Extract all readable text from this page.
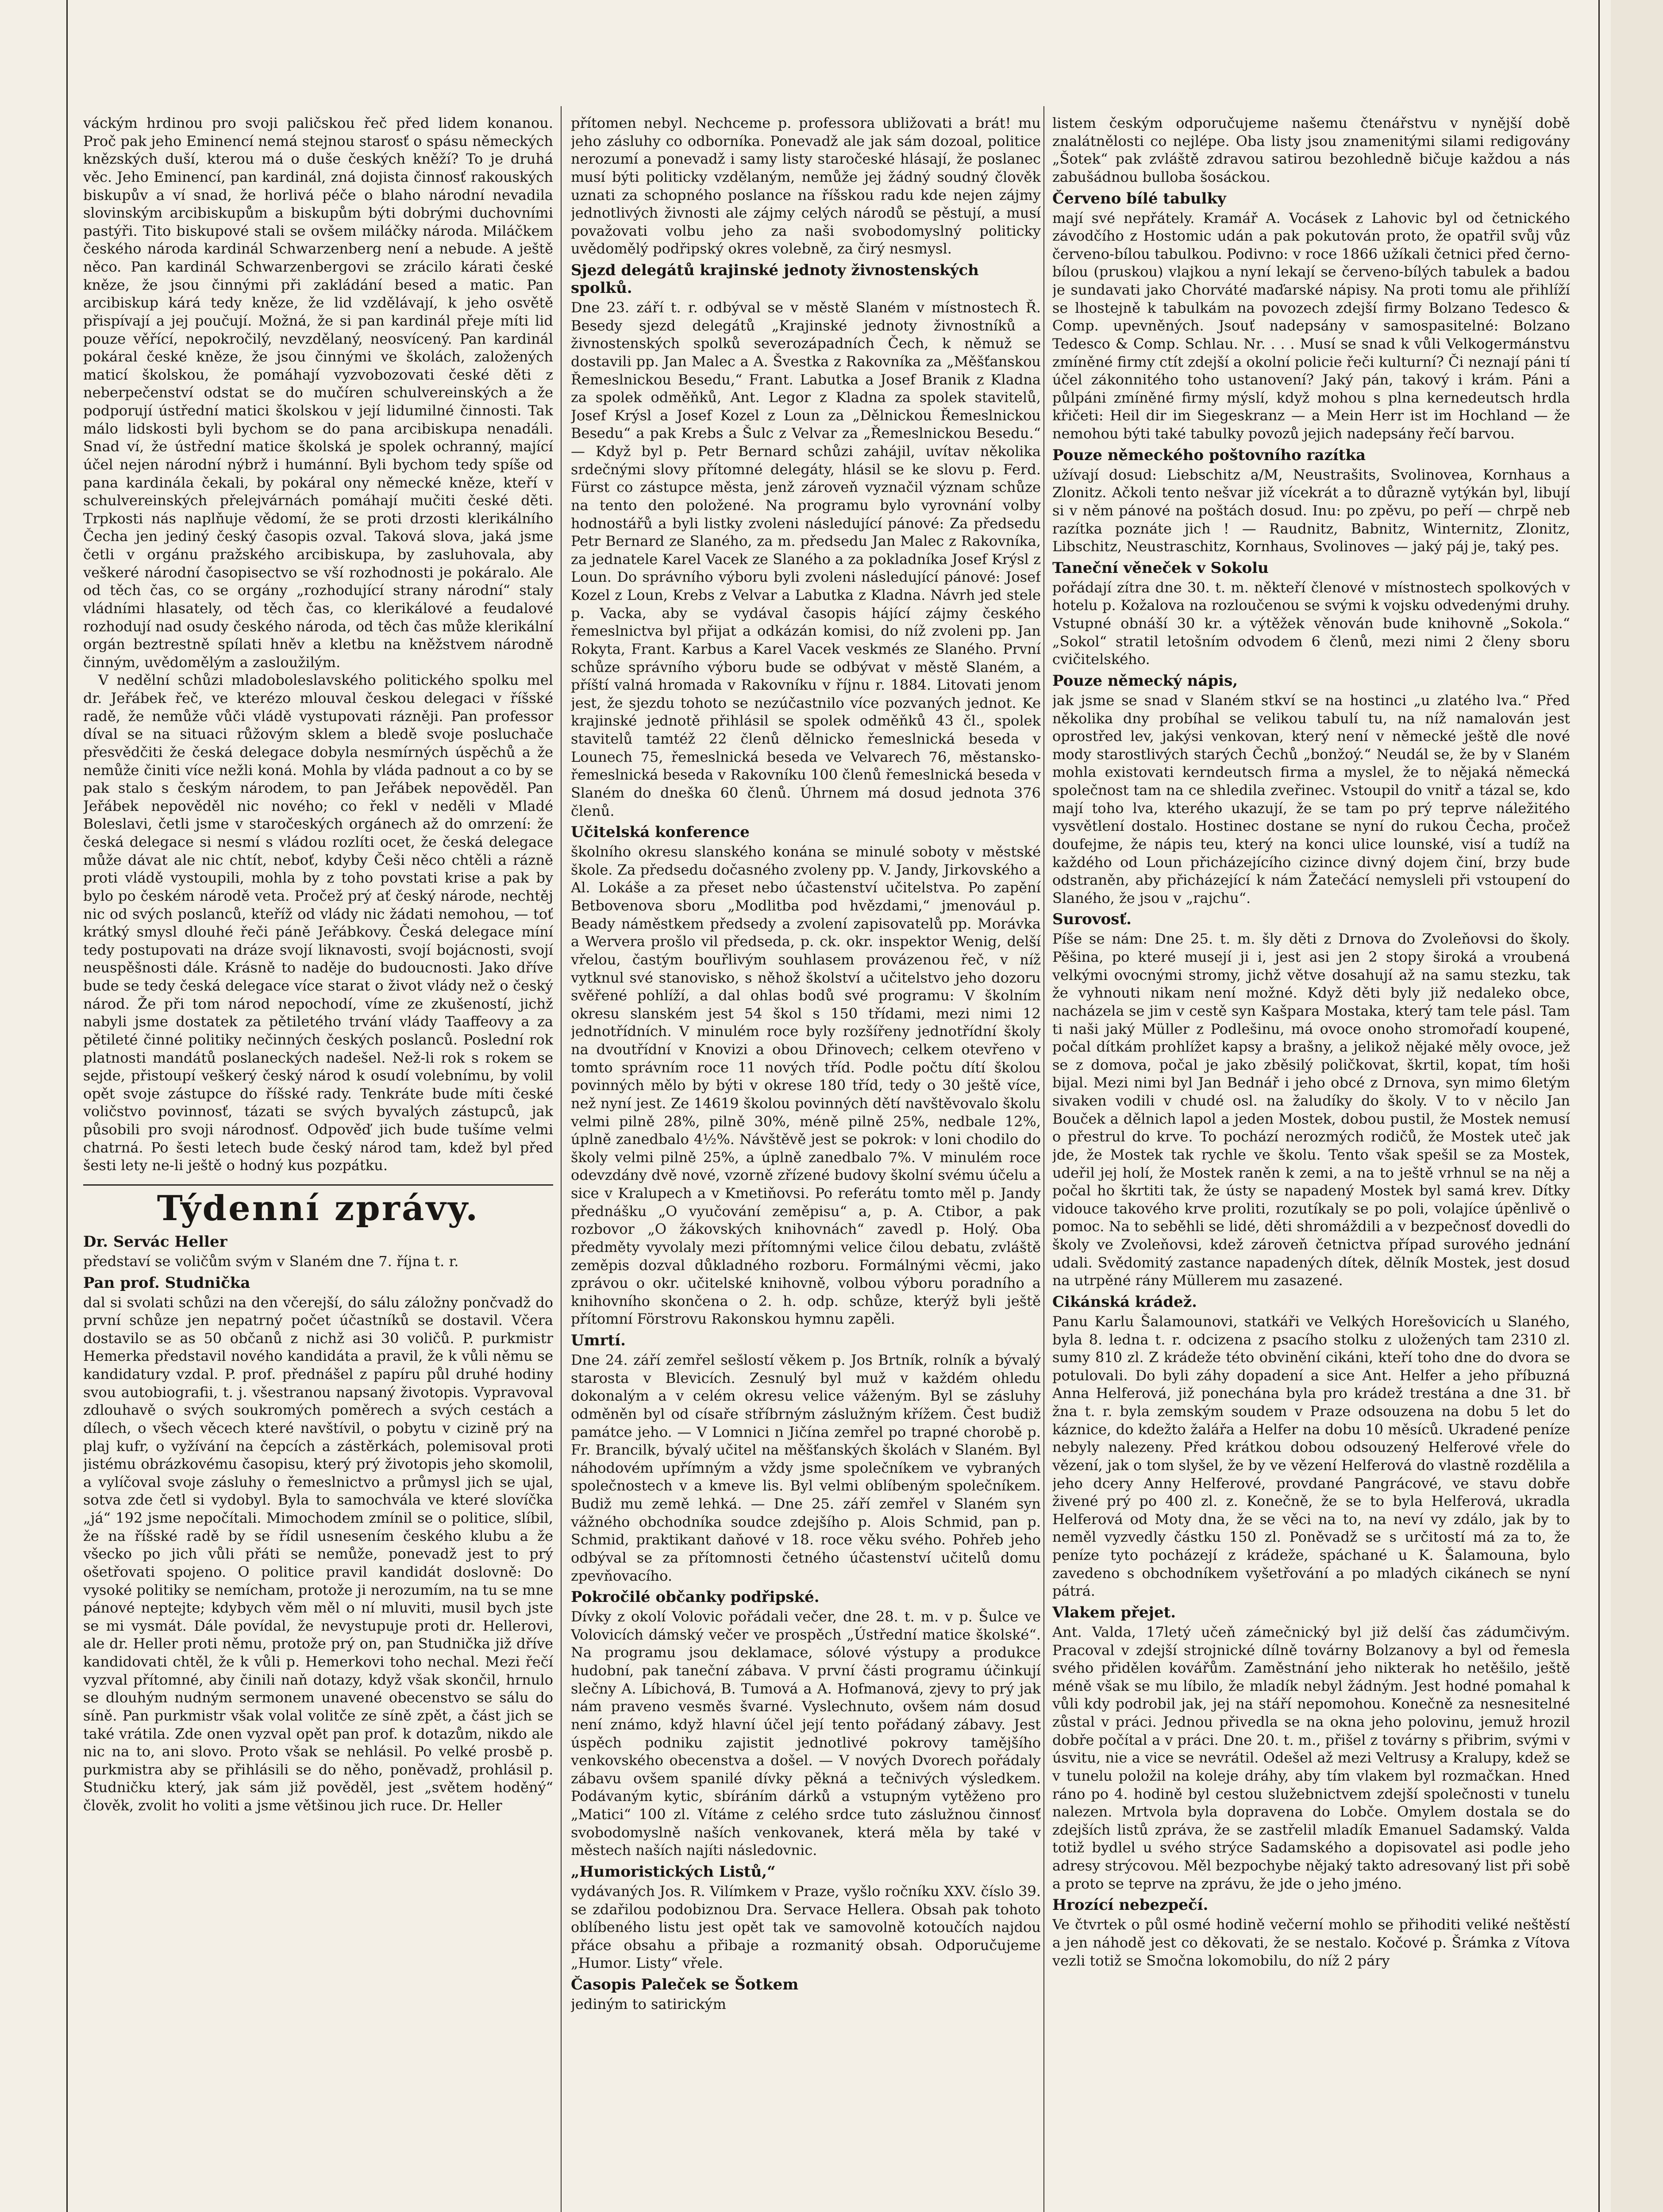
váckým hrdinou pro svoji paličskou řeč před lidem konanou. Proč pak jeho Eminencí nemá stejnou starosť o spásu německých knězských duší, kterou má o duše českých kněží? To je druhá věc. Jeho Eminencí, pan kardinál, zná dojista činnosť rakouských biskupův a ví snad, že horlivá péče o blaho národní nevadila slovinským arcibiskupům a biskupům býti dobrými duchovními pastýři. Tito biskupové stali se ovšem miláčky národa. Miláčkem českého národa kardinál Schwarzenberg není a nebude. A ještě něco. Pan kardinál Schwarzenbergovi se zrácilo kárati české kněze, že jsou činnými při zakládání besed a matic. Pan arcibiskup kárá tedy kněze, že lid vzdělávají, k jeho osvětě přispívají a jej poučují. Možná, že si pan kardinál přeje míti lid pouze věřící, nepokročilý, nevzdělaný, neosvícený. Pan kardinál pokáral české kněze, že jsou činnými ve školách, založených maticí školskou, že pomáhají vyzvobozovati české děti z neberpečenství odstat se do mučíren schulvereinských a že podporují ústřední matici školskou v její lidumilné činnosti. Tak málo lidskosti byli bychom se do pana arcibiskupa nenadáli. Snad ví, že ústřední matice školská je spolek ochranný, mající účel nejen národní nýbrž i humánní. Byli bychom tedy spíše od pana kardinála čekali, by pokáral ony německé kněze, kteří v schulvereinských přelejvárnách pomáhají mučiti české děti. Trpkosti nás naplňuje vědomí, že se proti drzosti klerikálního Čecha jen jediný český časopis ozval. Taková slova, jaká jsme četli v orgánu pražského arcibiskupa, by zasluhovala, aby veškeré národní časopisectvo se vší rozhodnosti je pokáralo. Ale od těch čas, co se orgány „rozhodující strany národní“ staly vládními hlasately, od těch čas, co klerikálové a feudalové rozhodují nad osudy českého národa, od těch čas může klerikální orgán beztrestně spílati hněv a kletbu na kněžstvem národně činným, uvědomělým a zasloužilým.

V nedělní schůzi mladoboleslavského politického spolku mel dr. Jeřábek řeč, ve kterézo mlouval českou delegaci v říšské radě, že nemůže vůči vládě vystupovati rázněji. Pan professor díval se na situaci růžovým sklem a bledě svoje posluchače přesvědčiti že česká delegace dobyla nesmírných úspěchů a že nemůže činiti více nežli koná. Mohla by vláda padnout a co by se pak stalo s českým národem, to pan Jeřábek nepověděl. Pan Jeřábek nepověděl nic nového; co řekl v neděli v Mladé Boleslavi, četli jsme v staročeských orgánech až do omrzení: že česká delegace si nesmí s vládou rozlíti ocet, že česká delegace může dávat ale nic chtít, neboť, kdyby Češi něco chtěli a rázně proti vládě vystoupili, mohla by z toho povstati krise a pak by bylo po českém národě veta. Pročež prý ať český národe, nechtěj nic od svých poslanců, kteříž od vlády nic žádati nemohou, — toť krátký smysl dlouhé řeči páně Jeřábkovy. Česká delegace míní tedy postupovati na dráze svojí liknavosti, svojí bojácnosti, svojí neuspěšnosti dále. Krásně to naděje do budoucnosti. Jako dříve bude se tedy česká delegace více starat o život vlády než o český národ. Že při tom národ nepochodí, víme ze zkušeností, jichž nabyli jsme dostatek za pětiletého trvání vlády Taaffeovy a za pětileté činné politiky nečinných českých poslanců. Poslední rok platnosti mandátů poslaneckých nadešel. Než-li rok s rokem se sejde, přistoupí veškerý český národ k osudí volebnímu, by volil opět svoje zástupce do říšské rady. Tenkráte bude míti české voličstvo povinnosť, tázati se svých byvalých zástupců, jak působili pro svoji národnosť. Odpověď jich bude tušíme velmi chatrná. Po šesti letech bude český národ tam, kdež byl před šesti lety ne-li ještě o hodný kus pozpátku.

Týdenní zprávy.
Dr. Servác Heller

představí se voličům svým v Slaném dne 7. října t. r.

Pan prof. Studnička

dal si svolati schůzi na den včerejší, do sálu záložny pončvadž do první schůze jen nepatrný počet účastníků se dostavil. Včera dostavilo se as 50 občanů z nichž asi 30 voličů. P. purkmistr Hemerka představil nového kandidáta a pravil, že k vůli němu se kandidatury vzdal. P. prof. přednášel z papíru půl druhé hodiny svou autobiografii, t. j. všestranou napsaný životopis. Vypravoval zdlouhavě o svých soukromých poměrech a svých cestách a dílech, o všech věcech které navštívil, o pobytu v cizině prý na plaj kufr, o vyžívání na čepcích a zástěrkách, polemisoval proti jistému obrázkovému časopisu, který prý životopis jeho skomolil, a vylíčoval svoje zásluhy o řemeslnictvo a průmysl jich se ujal, sotva zde četl si vydobyl. Byla to samochvála ve které slovíčka „já“ 192 jsme nepočítali. Mimochodem zmínil se o politice, slíbil, že na říšské radě by se řídil usnesením českého klubu a že všecko po jich vůli přáti se nemůže, ponevadž jest to prý ošetřovati spojeno. O politice pravil kandidát doslovně: Do vysoké politiky se nemícham, protože ji nerozumím, na tu se mne pánové neptejte; kdybych věm měl o ní mluviti, musil bych jste se mi vysmát. Dále povídal, že nevystupuje proti dr. Hellerovi, ale dr. Heller proti němu, protože prý on, pan Studnička již dříve kandidovati chtěl, že k vůli p. Hemerkovi toho nechal. Mezi řečí vyzval přítomné, aby činili naň dotazy, když však skončil, hrnulo se dlouhým nudným sermonem unavené obecenstvo se sálu do síně. Pan purkmistr však volal volitče ze síně zpět, a část jich se také vrátila. Zde onen vyzval opět pan prof. k dotazům, nikdo ale nic na to, ani slovo. Proto však se nehlásil. Po velké prosbě p. purkmistra aby se přihlásili se do něho, poněvadž, prohlásil p. Studničku který, jak sám již pověděl, jest „světem hoděný“ člověk, zvolit ho voliti a jsme většinou jich ruce. Dr. Heller

přítomen nebyl. Nechceme p. professora ubližovati a brát! mu jeho zásluhy co odborníka. Ponevadž ale jak sám dozoal, politice nerozumí a ponevadž i samy listy staročeské hlásají, že poslanec musí býti politicky vzdělaným, nemůže jej žádný soudný člověk uznati za schopného poslance na říšskou radu kde nejen zájmy jednotlivých živnosti ale zájmy celých národů se pěstují, a musí považovati volbu jeho za naši svobodomyslný politicky uvědomělý podřipský okres volebně, za čirý nesmysl.

Sjezd delegátů krajinské jednoty živnostenských spolků.

Dne 23. září t. r. odbýval se v městě Slaném v místnostech Ř. Besedy sjezd delegátů „Krajinské jednoty živnostníků a živnostenských spolků severozápadních Čech, k němuž se dostavili pp. Jan Malec a A. Švestka z Rakovníka za „Měšťanskou Řemeslnickou Besedu,“ Frant. Labutka a Josef Branik z Kladna za spolek odměňků, Ant. Legor z Kladna za spolek stavitelů, Josef Krýsl a Josef Kozel z Loun za „Dělnickou Řemeslnickou Besedu“ a pak Krebs a Šulc z Velvar za „Řemeslnickou Besedu.“ — Když byl p. Petr Bernard schůzi zahájil, uvítav několika srdečnými slovy přítomné delegáty, hlásil se ke slovu p. Ferd. Fürst co zástupce města, jenž zároveň vyznačil význam schůze na tento den položené. Na programu bylo vyrovnání volby hodnostářů a byli listky zvoleni následující pánové: Za předsedu Petr Bernard ze Slaného, za m. předsedu Jan Malec z Rakovníka, za jednatele Karel Vacek ze Slaného a za pokladníka Josef Krýsl z Loun. Do správního výboru byli zvoleni následující pánové: Josef Kozel z Loun, Krebs z Velvar a Labutka z Kladna. Návrh jed stele p. Vacka, aby se vydával časopis hájící zájmy českého řemeslnictva byl přijat a odkázán komisi, do níž zvoleni pp. Jan Rokyta, Frant. Karbus a Karel Vacek veskmés ze Slaného. První schůze správního výboru bude se odbývat v městě Slaném, a příští valná hromada v Rakovníku v říjnu r. 1884. Litovati jenom jest, že sjezdu tohoto se nezúčastnilo více pozvaných jednot. Ke krajinské jednotě přihlásil se spolek odměňků 43 čl., spolek stavitelů tamtéž 22 členů dělnicko řemeslnická beseda v Lounech 75, řemeslnická beseda ve Velvarech 76, městansko-řemeslnická beseda v Rakovníku 100 členů řemeslnická beseda v Slaném do dneška 60 členů. Úhrnem má dosud jednota 376 členů.

Učitelská konference

školního okresu slanského konána se minulé soboty v městské škole. Za předsedu dočasného zvoleny pp. V. Jandy, Jirkovského a Al. Lokáše a za přeset nebo účastenství učitelstva. Po zapění Betbovenova sboru „Modlitba pod hvězdami,“ jmenovául p. Beady náměstkem předsedy a zvolení zapisovatelů pp. Morávka a Wervera prošlo vil předseda, p. ck. okr. inspektor Wenig, delší vřelou, častým bouřlivým souhlasem provázenou řeč, v níž vytknul své stanovisko, s něhož školství a učitelstvo jeho dozoru svěřené pohlíží, a dal ohlas bodů své programu: V školním okresu slanském jest 54 škol s 150 třídami, mezi nimi 12 jednotřídních. V minulém roce byly rozšířeny jednotřídní školy na dvoutřídní v Knovizi a obou Dřinovech; celkem otevřeno v tomto správním roce 11 nových tříd. Podle počtu dítí školou povinných mělo by býti v okrese 180 tříd, tedy o 30 ještě více, než nyní jest. Ze 14619 školou povinných dětí navštěvovalo školu velmi pilně 28%, pilně 30%, méně pilně 25%, nedbale 12%, úplně zanedbalo 4½%. Návštěvě jest se pokrok: v loni chodilo do školy velmi pilně 25%, a úplně zanedbalo 7%. V minulém roce odevzdány dvě nové, vzorně zřízené budovy školní svému účelu a sice v Kralupech a v Kmetiňovsi. Po referátu tomto měl p. Jandy přednášku „O vyučování zeměpisu“ a, p. A. Ctibor, a pak rozbovor „O žákovských knihovnách“ zavedl p. Holý. Oba předměty vyvolaly mezi přítomnými velice čilou debatu, zvláště zeměpis dozval důkladného rozboru. Formálnými věcmi, jako zprávou o okr. učitelské knihovně, volbou výboru poradního a knihovního skončena o 2. h. odp. schůze, kterýž byli ještě přítomní Förstrovu Rakonskou hymnu zapěli.

Umrtí.

Dne 24. září zemřel sešlostí věkem p. Jos Brtník, rolník a bývalý starosta v Blevicích. Zesnulý byl muž v každém ohledu dokonalým a v celém okresu velice váženým. Byl se zásluhy odměněn byl od císaře stříbrným záslužným křížem. Čest budiž památce jeho. — V Lomnici n Jičína zemřel po trapné chorobě p. Fr. Brancilk, bývalý učitel na měšťanských školách v Slaném. Byl náhodovém upřímným a vždy jsme společníkem ve vybraných společnostech v a kmeve lis. Byl velmi oblíbeným společníkem. Budiž mu země lehká. — Dne 25. září zemřel v Slaném syn vážného obchodníka soudce zdejšího p. Alois Schmid, pan p. Schmid, praktikant daňové v 18. roce věku svého. Pohřeb jeho odbýval se za přítomnosti četného účastenství učitelů domu zpevňovacího.

Pokročilé občanky podřipské.

Dívky z okolí Volovic pořádali večer, dne 28. t. m. v p. Šulce ve Volovicích dámský večer ve prospěch „Ústřední matice školské“. Na programu jsou deklamace, sólové výstupy a produkce hudobní, pak taneční zábava. V první části programu účinkují slečny A. Líbichová, B. Tumová a A. Hofmanová, zjevy to prý jak nám praveno vesměs švarné. Vyslechnuto, ovšem nám dosud není známo, když hlavní účel její tento pořádaný zábavy. Jest úspěch podniku zajistit jednotlivé pokrovy tamějšího venkovského obecenstva a došel. — V nových Dvorech pořádaly zábavu ovšem spanilé dívky pěkná a tečnivých výsledkem. Podávaným kytic, sbíráním dárků a vstupným vytěženo pro „Matici“ 100 zl. Vítáme z celého srdce tuto záslužnou činnosť svobodomyslně naších venkovanek, která měla by také v městech naších najíti následovnic.

„Humoristických Listů,“

vydávaných Jos. R. Vilímkem v Praze, vyšlo ročníku XXV. číslo 39. se zdařilou podobiznou Dra. Servace Hellera. Obsah pak tohoto oblíbeného listu jest opět tak ve samovolně kotoučích najdou přáce obsahu a přibaje a rozmanitý obsah. Odporučujeme „Humor. Listy“ vřele.

Časopis Paleček se Šotkem

jediným to satirickým

listem českým odporučujeme našemu čtenářstvu v nynější době znalátnělosti co nejlépe. Oba listy jsou znamenitými silami redigovány „Šotek“ pak zvláště zdravou satirou bezohledně bičuje každou a nás zabušádnou bulloba šosáckou.

Červeno bílé tabulky

mají své nepřátely. Kramář A. Vocásek z Lahovic byl od četnického závodčího z Hostomic udán a pak pokutován proto, že opatřil svůj vůz červeno-bílou tabulkou. Podivno: v roce 1866 užíkali četnici před černo-bílou (pruskou) vlajkou a nyní lekají se červeno-bílých tabulek a badou je sundavati jako Chorváté maďarské nápisy. Na proti tomu ale přihlíží se lhostejně k tabulkám na povozech zdejší firmy Bolzano Tedesco & Comp. upevněných. Jsouť nadepsány v samospasitelné: Bolzano Tedesco & Comp. Schlau. Nr. . . . Musí se snad k vůli Velkogermánstvu zmíněné firmy ctít zdejší a okolní policie řeči kulturní? Či neznají páni tí účel zákonnitého toho ustanovení? Jaký pán, takový i krám. Páni a půlpáni zmíněné firmy mýslí, když mohou s plna kernedeutsch hrdla křičeti: Heil dir im Siegeskranz — a Mein Herr ist im Hochland — že nemohou býti také tabulky povozů jejich nadepsány řečí barvou.

Pouze německého poštovního razítka

užívají dosud: Liebschitz a/M, Neustrašits, Svolinovea, Kornhaus a Zlonitz. Ačkoli tento nešvar již vícekrát a to důrazně vytýkán byl, libují si v něm pánové na poštách dosud. Inu: po zpěvu, po peří — chrpě neb razítka poznáte jich ! — Raudnitz, Babnitz, Winternitz, Zlonitz, Libschitz, Neustraschitz, Kornhaus, Svolinoves — jaký páj je, taký pes.

Taneční věneček v Sokolu

pořádají zítra dne 30. t. m. někteří členové v místnostech spolkových v hotelu p. Kožalova na rozloučenou se svými k vojsku odvedenými druhy. Vstupné obnáší 30 kr. a výtěžek věnován bude knihovně „Sokola.“ „Sokol“ stratil letošním odvodem 6 členů, mezi nimi 2 členy sboru cvičitelského.

Pouze německý nápis,

jak jsme se snad v Slaném stkví se na hostinci „u zlatého lva.“ Před několika dny probíhal se velikou tabulí tu, na níž namalován jest oprostřed lev, jakýsi venkovan, který není v německé ještě dle nové mody starostlivých starých Čechů „bonžoý.“ Neudál se, že by v Slaném mohla existovati kerndeutsch firma a myslel, že to nějaká německá společnost tam na ce shledila zveřinec. Vstoupil do vnitř a tázal se, kdo mají toho lva, kterého ukazují, že se tam po prý teprve náležitého vysvětlení dostalo. Hostinec dostane se nyní do rukou Čecha, pročež doufejme, že nápis teu, který na konci ulice lounské, visí a tudíž na každého od Loun přicházejícího cizince divný dojem činí, brzy bude odstraněn, aby přicházející k nám Žatečácí nemysleli při vstoupení do Slaného, že jsou v „rajchu“.

Surovosť.

Píše se nám: Dne 25. t. m. šly děti z Drnova do Zvoleňovsi do školy. Pěšina, po které musejí ji i, jest asi jen 2 stopy široká a vroubená velkými ovocnými stromy, jichž větve dosahují až na samu stezku, tak že vyhnouti nikam není možné. Když děti byly již nedaleko obce, nacházela se jim v cestě syn Kašpara Mostaka, který tam tele pásl. Tam ti naši jaký Müller z Podlešinu, má ovoce onoho stromořadí koupené, počal dítkám prohlížet kapsy a brašny, a jelikož nějaké měly ovoce, jež se z domova, počal je jako zběsilý poličkovat, škrtil, kopat, tím hoši bijal. Mezi nimi byl Jan Bednář i jeho obcé z Drnova, syn mimo 6letým sivaken vodili v chudé osl. na žaludíky do školy. V to v něcilo Jan Bouček a dělnich lapol a jeden Mostek, dobou pustil, že Mostek nemusí o přestrul do krve. To pochází nerozmých rodičů, že Mostek uteč jak jde, že Mostek tak rychle ve školu. Tento však spešil se za Mostek, udeřil jej holí, že Mostek raněn k zemi, a na to ještě vrhnul se na něj a počal ho škrtiti tak, že ústy se napadený Mostek byl samá krev. Dítky vidouce takového krve proliti, rozutíkaly se po poli, volajíce úpěnlivě o pomoc. Na to seběhli se lidé, děti shromáždili a v bezpečnosť dovedli do školy ve Zvoleňovsi, kdež zároveň četnictva případ surového jednání udali. Svědomitý zastance napadených dítek, dělník Mostek, jest dosud na utrpěné rány Müllerem mu zasazené.

Cikánská krádež.

Panu Karlu Šalamounovi, statkáři ve Velkých Horešovicích u Slaného, byla 8. ledna t. r. odcizena z psacího stolku z uložených tam 2310 zl. sumy 810 zl. Z krádeže této obvinění cikáni, kteří toho dne do dvora se potulovali. Do byli záhy dopadení a sice Ant. Helfer a jeho příbuzná Anna Helferová, již ponechána byla pro krádež trestána a dne 31. bř žna t. r. byla zemským soudem v Praze odsouzena na dobu 5 let do káznice, do kdežto žalářa a Helfer na dobu 10 měsíců. Ukradené peníze nebyly nalezeny. Před krátkou dobou odsouzený Helferové vřele do vězení, jak o tom slyšel, že by ve vězení Helferová do vlastně rozdělila a jeho dcery Anny Helferové, provdané Pangrácové, ve stavu dobře živené prý po 400 zl. z. Konečně, že se to byla Helferová, ukradla Helferová od Moty dna, že se věci na to, na neví vy zdálo, jak by to neměl vyzvedly částku 150 zl. Poněvadž se s určitostí má za to, že peníze tyto pocházejí z krádeže, spáchané u K. Šalamouna, bylo zavedeno s obchodníkem vyšetřování a po mladých cikánech se nyní pátrá.

Vlakem přejet.

Ant. Valda, 17letý učeň zámečnický byl již delší čas zádumčivým. Pracoval v zdejší strojnické dílně továrny Bolzanovy a byl od řemesla svého přidělen kovářům. Zaměstnání jeho nikterak ho netěšilo, ještě méně však se mu líbilo, že mladík nebyl žádným. Jest hodné pomahal k vůli kdy podrobil jak, jej na stáří nepomohou. Konečně za nesnesitelné zůstal v práci. Jednou přivedla se na okna jeho polovinu, jemuž hrozil dobře počítal a v práci. Dne 20. t. m., přišel z továrny s přibrim, svými v úsvitu, nie a vice se nevrátil. Odešel až mezi Veltrusy a Kralupy, kdež se v tunelu položil na koleje dráhy, aby tím vlakem byl rozmačkan. Hned ráno po 4. hodině byl cestou služebnictvem zdejší společnosti v tunelu nalezen. Mrtvola byla dopravena do Lobče. Omylem dostala se do zdejších listů zpráva, že se zastřelil mladík Emanuel Sadamský. Valda totiž bydlel u svého strýce Sadamského a dopisovatel asi podle jeho adresy strýcovou. Měl bezpochybe nějaký takto adresovaný list při sobě a proto se teprve na zprávu, že jde o jeho jméno.

Hrozící nebezpečí.

Ve čtvrtek o půl osmé hodině večerní mohlo se přihoditi veliké neštěstí a jen náhodě jest co děkovati, že se nestalo. Kočové p. Šrámka z Vítova vezli totiž se Smočna lokomobilu, do níž 2 páry
